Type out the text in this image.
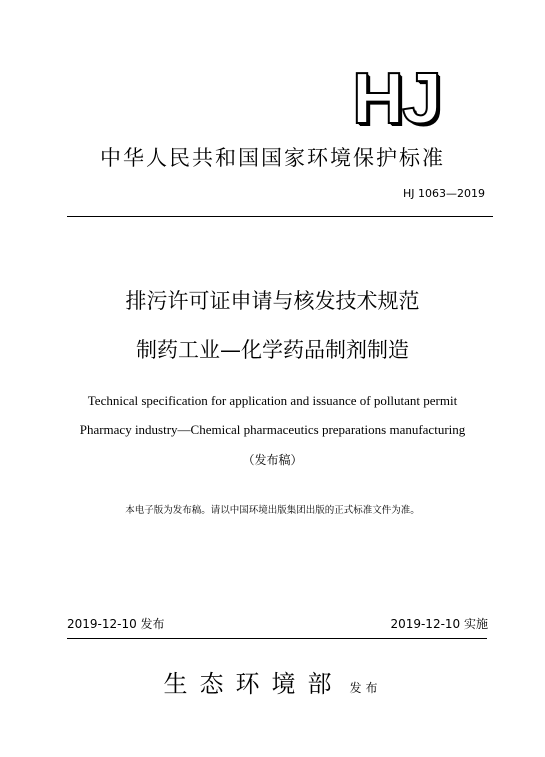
HJ
中华人民共和国国家环境保护标准
HJ 1063—2019
排污许可证申请与核发技术规范
制药工业—化学药品制剂制造
Technical specification for application and issuance of pollutant permit
Pharmacy industry—Chemical pharmaceutics preparations manufacturing
（发布稿）
本电子版为发布稿。请以中国环境出版集团出版的正式标准文件为准。
2019-12-10 发布	2019-12-10 实施
生态环境部 发布
